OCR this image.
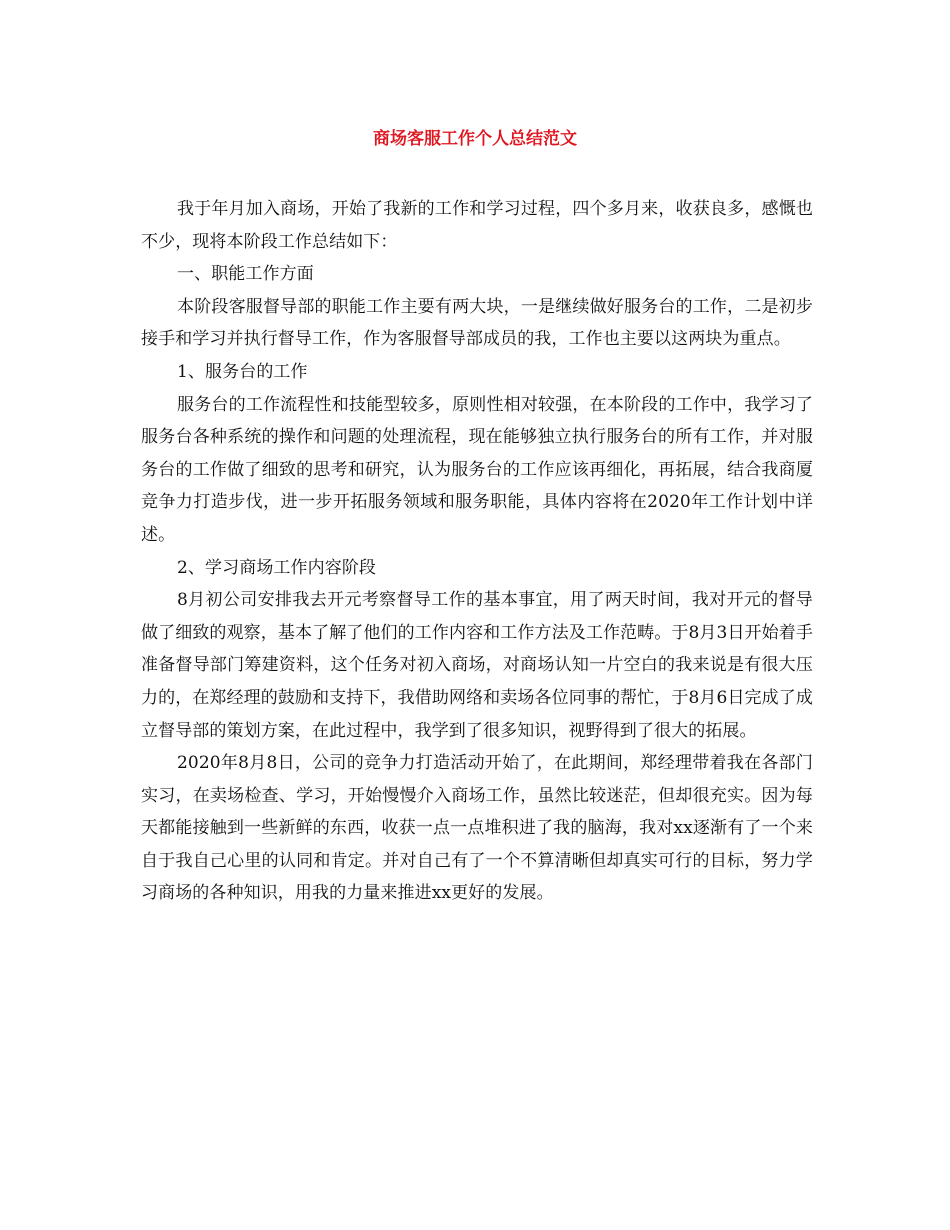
商场客服工作个人总结范文

我于年月加入商场，开始了我新的工作和学习过程，四个多月来，收获良多，感慨也不少，现将本阶段工作总结如下：

一、职能工作方面

本阶段客服督导部的职能工作主要有两大块，一是继续做好服务台的工作，二是初步接手和学习并执行督导工作，作为客服督导部成员的我，工作也主要以这两块为重点。

1、服务台的工作

服务台的工作流程性和技能型较多，原则性相对较强，在本阶段的工作中，我学习了服务台各种系统的操作和问题的处理流程，现在能够独立执行服务台的所有工作，并对服务台的工作做了细致的思考和研究，认为服务台的工作应该再细化，再拓展，结合我商厦竞争力打造步伐，进一步开拓服务领域和服务职能，具体内容将在2020年工作计划中详述。

2、学习商场工作内容阶段

8月初公司安排我去开元考察督导工作的基本事宜，用了两天时间，我对开元的督导做了细致的观察，基本了解了他们的工作内容和工作方法及工作范畴。于8月3日开始着手准备督导部门筹建资料，这个任务对初入商场，对商场认知一片空白的我来说是有很大压力的，在郑经理的鼓励和支持下，我借助网络和卖场各位同事的帮忙，于8月6日完成了成立督导部的策划方案，在此过程中，我学到了很多知识，视野得到了很大的拓展。

2020年8月8日，公司的竞争力打造活动开始了，在此期间，郑经理带着我在各部门实习，在卖场检查、学习，开始慢慢介入商场工作，虽然比较迷茫，但却很充实。因为每天都能接触到一些新鲜的东西，收获一点一点堆积进了我的脑海，我对xx逐渐有了一个来自于我自己心里的认同和肯定。并对自己有了一个不算清晰但却真实可行的目标，努力学习商场的各种知识，用我的力量来推进xx更好的发展。
